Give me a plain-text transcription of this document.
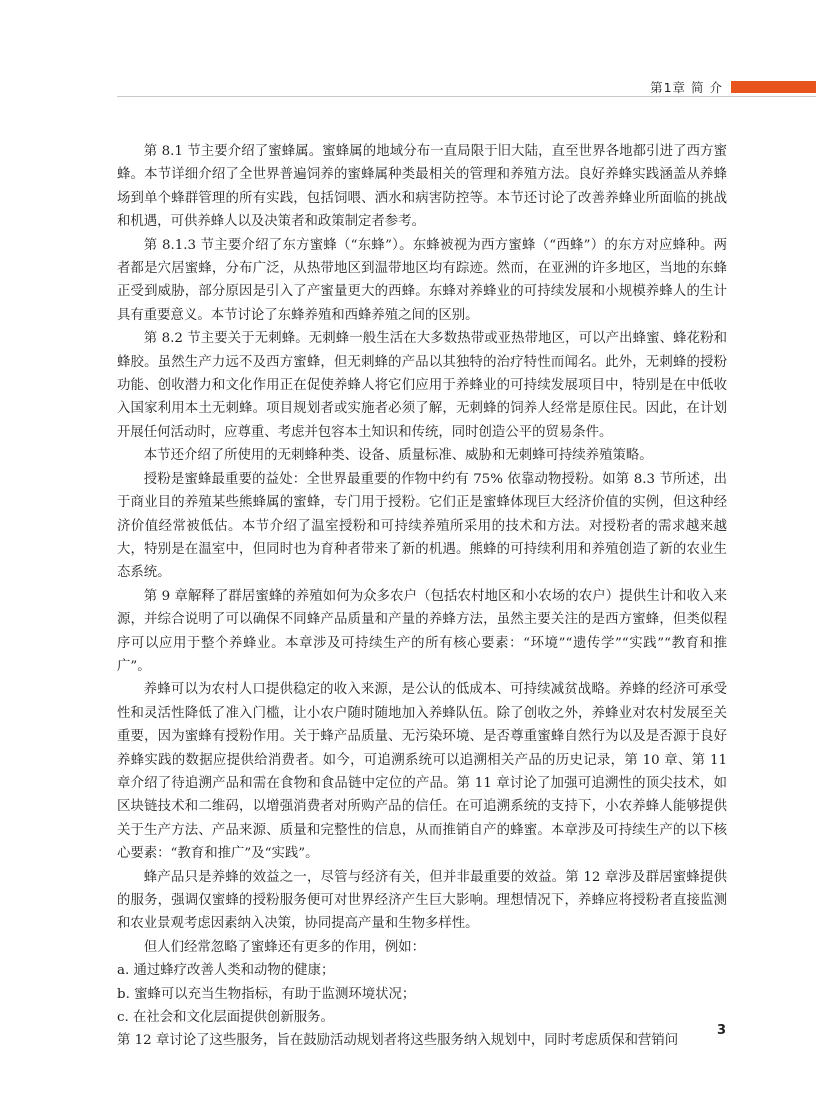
第1章 简 介

第 8.1 节主要介绍了蜜蜂属。蜜蜂属的地域分布一直局限于旧大陆，直至世界各地都引进了西方蜜蜂。本节详细介绍了全世界普遍饲养的蜜蜂属种类最相关的管理和养殖方法。良好养蜂实践涵盖从养蜂场到单个蜂群管理的所有实践，包括饲喂、洒水和病害防控等。本节还讨论了改善养蜂业所面临的挑战和机遇，可供养蜂人以及决策者和政策制定者参考。

第 8.1.3 节主要介绍了东方蜜蜂（“东蜂”）。东蜂被视为西方蜜蜂（“西蜂”）的东方对应蜂种。两者都是穴居蜜蜂，分布广泛，从热带地区到温带地区均有踪迹。然而，在亚洲的许多地区，当地的东蜂正受到威胁，部分原因是引入了产蜜量更大的西蜂。东蜂对养蜂业的可持续发展和小规模养蜂人的生计具有重要意义。本节讨论了东蜂养殖和西蜂养殖之间的区别。

第 8.2 节主要关于无刺蜂。无刺蜂一般生活在大多数热带或亚热带地区，可以产出蜂蜜、蜂花粉和蜂胶。虽然生产力远不及西方蜜蜂，但无刺蜂的产品以其独特的治疗特性而闻名。此外，无刺蜂的授粉功能、创收潜力和文化作用正在促使养蜂人将它们应用于养蜂业的可持续发展项目中，特别是在中低收入国家利用本土无刺蜂。项目规划者或实施者必须了解，无刺蜂的饲养人经常是原住民。因此，在计划开展任何活动时，应尊重、考虑并包容本土知识和传统，同时创造公平的贸易条件。

本节还介绍了所使用的无刺蜂种类、设备、质量标准、威胁和无刺蜂可持续养殖策略。

授粉是蜜蜂最重要的益处：全世界最重要的作物中约有 75% 依靠动物授粉。如第 8.3 节所述，出于商业目的养殖某些熊蜂属的蜜蜂，专门用于授粉。它们正是蜜蜂体现巨大经济价值的实例，但这种经济价值经常被低估。本节介绍了温室授粉和可持续养殖所采用的技术和方法。对授粉者的需求越来越大，特别是在温室中，但同时也为育种者带来了新的机遇。熊蜂的可持续利用和养殖创造了新的农业生态系统。

第 9 章解释了群居蜜蜂的养殖如何为众多农户（包括农村地区和小农场的农户）提供生计和收入来源，并综合说明了可以确保不同蜂产品质量和产量的养蜂方法，虽然主要关注的是西方蜜蜂，但类似程序可以应用于整个养蜂业。本章涉及可持续生产的所有核心要素：“环境”“遗传学”“实践”“教育和推广”。

养蜂可以为农村人口提供稳定的收入来源，是公认的低成本、可持续减贫战略。养蜂的经济可承受性和灵活性降低了准入门槛，让小农户随时随地加入养蜂队伍。除了创收之外，养蜂业对农村发展至关重要，因为蜜蜂有授粉作用。关于蜂产品质量、无污染环境、是否尊重蜜蜂自然行为以及是否源于良好养蜂实践的数据应提供给消费者。如今，可追溯系统可以追溯相关产品的历史记录，第 10 章、第 11 章介绍了待追溯产品和需在食物和食品链中定位的产品。第 11 章讨论了加强可追溯性的顶尖技术，如区块链技术和二维码，以增强消费者对所购产品的信任。在可追溯系统的支持下，小农养蜂人能够提供关于生产方法、产品来源、质量和完整性的信息，从而推销自产的蜂蜜。本章涉及可持续生产的以下核心要素：“教育和推广”及“实践”。

蜂产品只是养蜂的效益之一，尽管与经济有关，但并非最重要的效益。第 12 章涉及群居蜜蜂提供的服务，强调仅蜜蜂的授粉服务便可对世界经济产生巨大影响。理想情况下，养蜂应将授粉者直接监测和农业景观考虑因素纳入决策，协同提高产量和生物多样性。

但人们经常忽略了蜜蜂还有更多的作用，例如：

a. 通过蜂疗改善人类和动物的健康；

b. 蜜蜂可以充当生物指标，有助于监测环境状况；

c. 在社会和文化层面提供创新服务。

第 12 章讨论了这些服务，旨在鼓励活动规划者将这些服务纳入规划中，同时考虑质保和营销问

3
